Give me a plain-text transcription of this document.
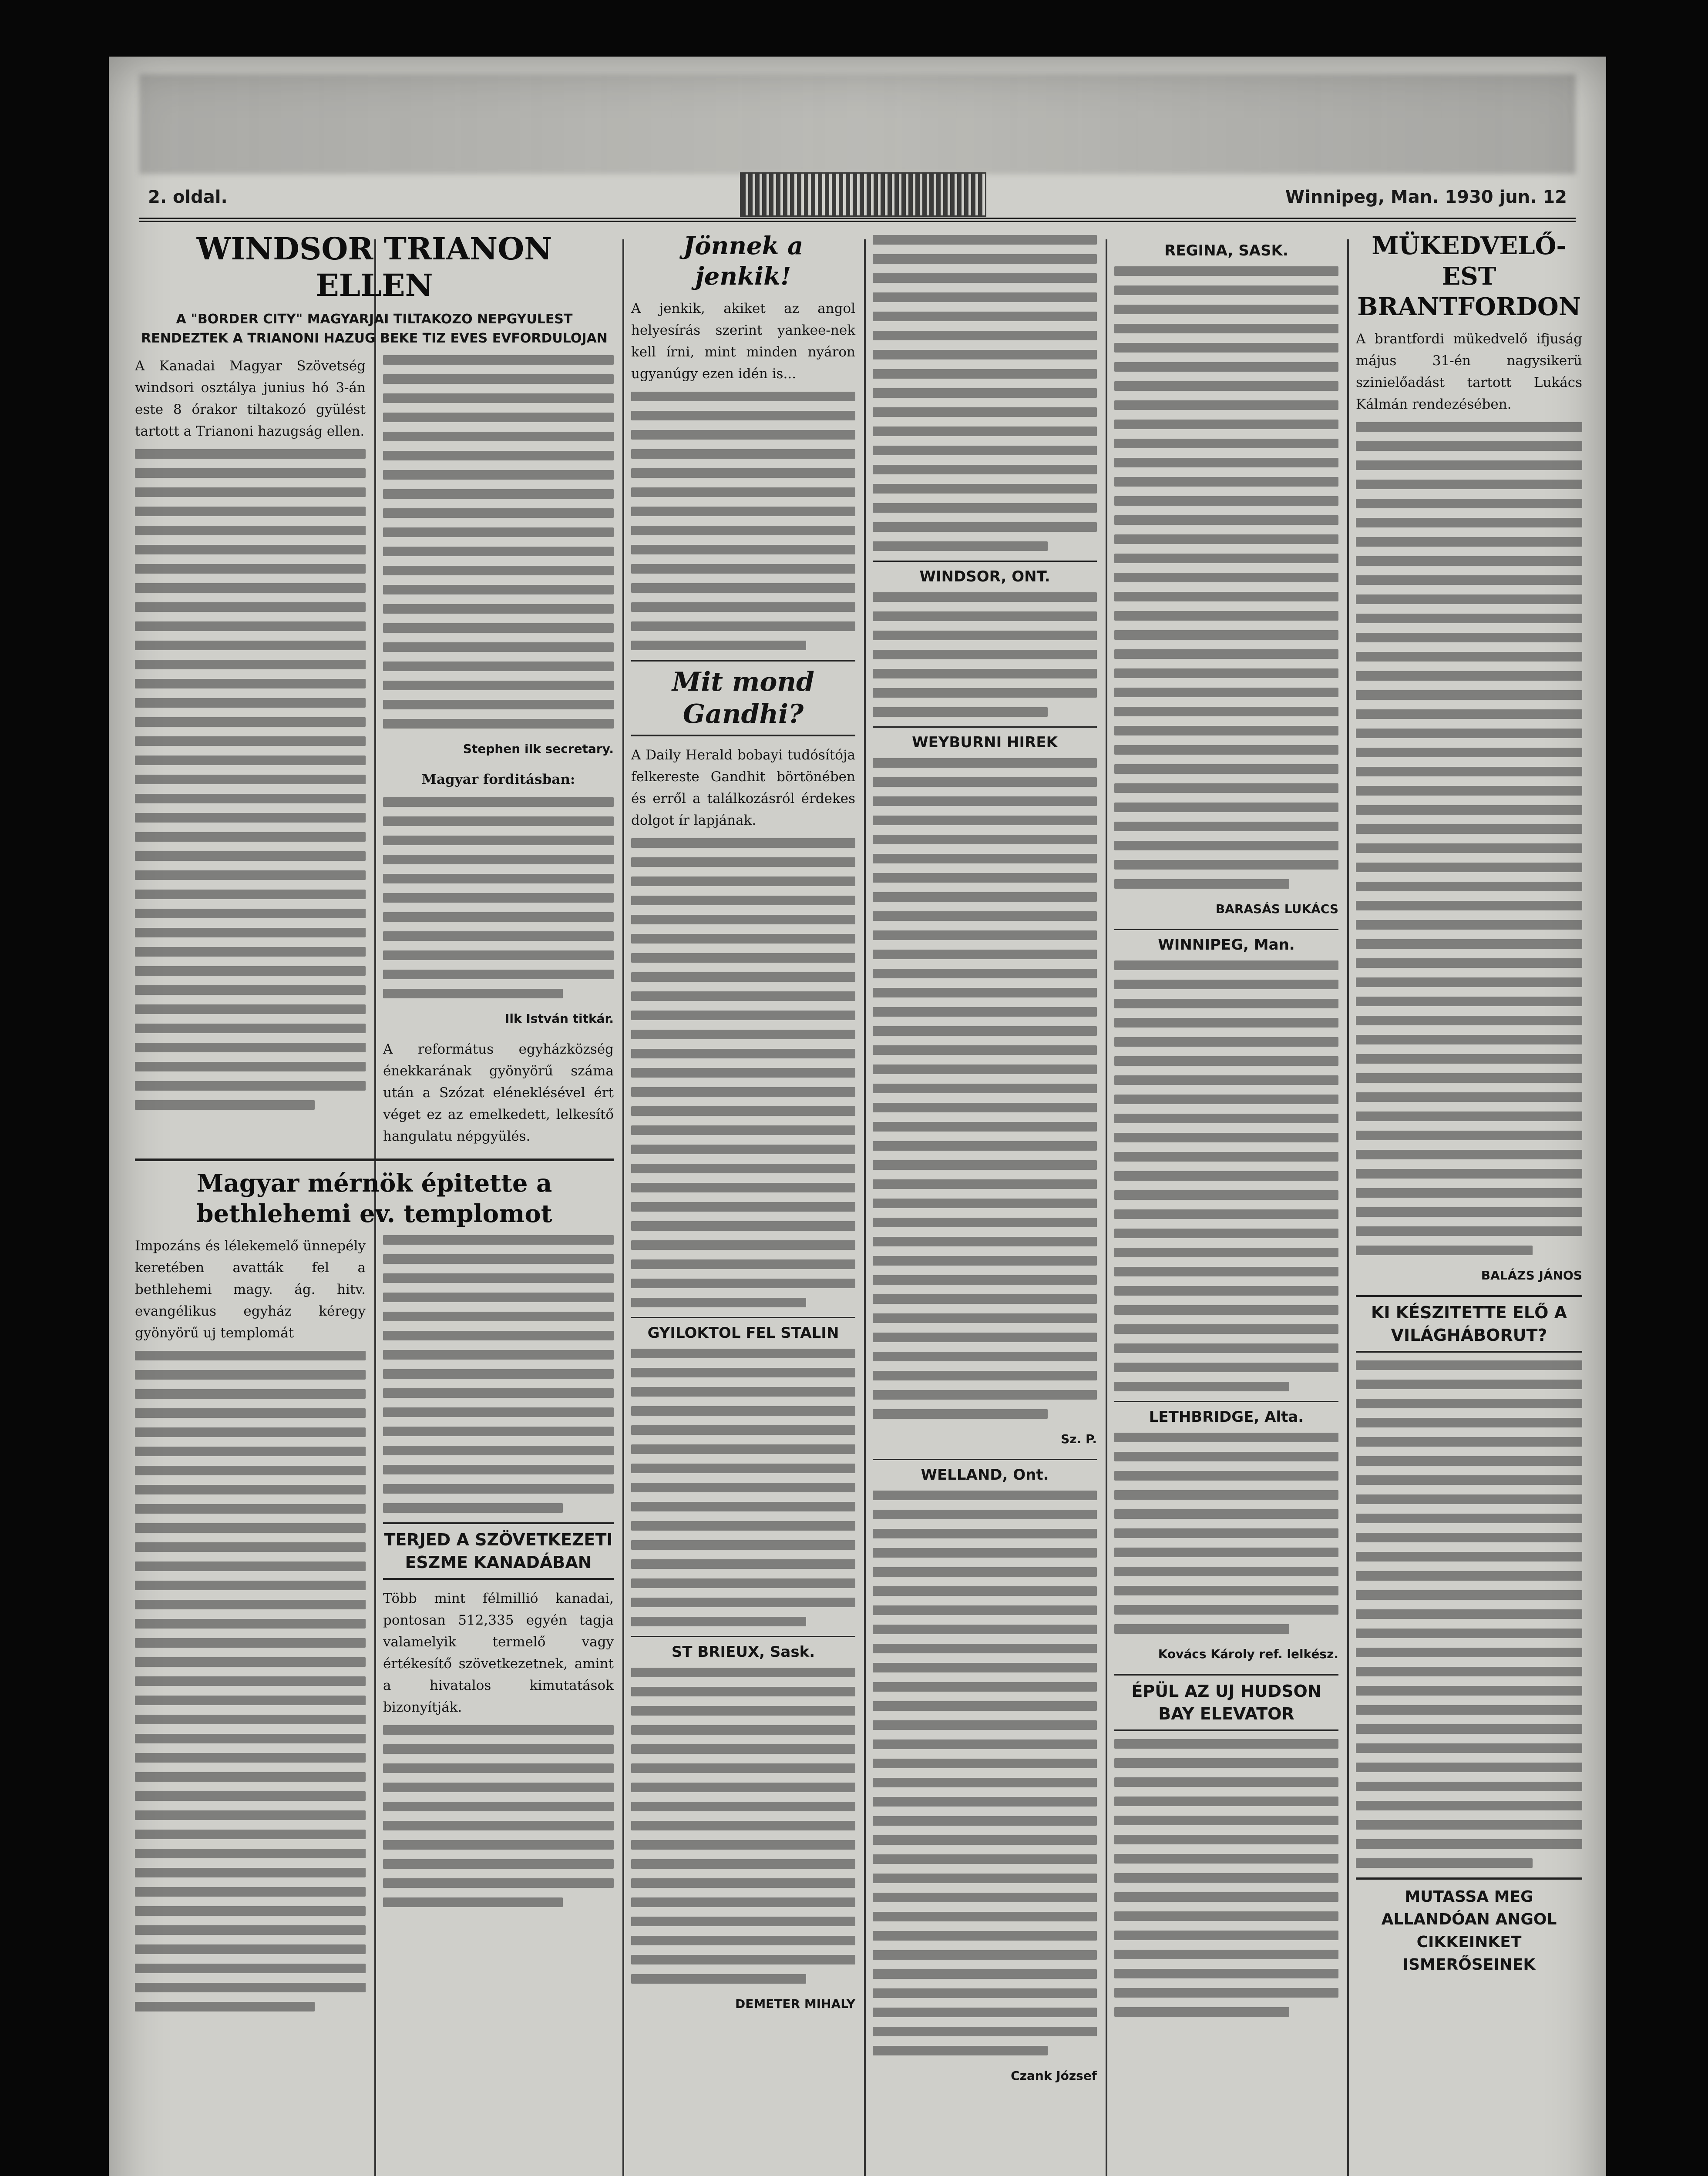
2. oldal.	Winnipeg, Man. 1930 jun. 12
WINDSOR TRIANON ELLEN
A "BORDER CITY" MAGYARJAI TILTAKOZO NEPGYULEST RENDEZTEK A TRIANONI HAZUG BEKE TIZ EVES EVFORDULOJAN
A Kanadai Magyar Szövetség windsori osztálya junius hó 3-án este 8 órakor tiltakozó gyülést tartott a Trianoni hazugság ellen.
Stephen ilk secretary.
Magyar forditásban:
Ilk István titkár.
A református egyházközség énekkarának gyönyörű száma után a Szózat eléneklésével ért véget ez az emelkedett, lelkesítő hangulatu népgyülés.
Magyar mérnök épitette a bethlehemi ev. templomot
Impozáns és lélekemelő ünnepély keretében avatták fel a bethlehemi magy. ág. hitv. evangélikus egyház kéregy gyönyörű uj templomát
TERJED A SZÖVETKEZETI ESZME KANADÁBAN
Több mint félmillió kanadai, pontosan 512,335 egyén tagja valamelyik termelő vagy értékesítő szövetkezetnek, amint a hivatalos kimutatások bizonyítják.
Jönnek a jenkik!
A jenkik, akiket az angol helyesírás szerint yankee-nek kell írni, mint minden nyáron ugyanúgy ezen idén is...
Mit mond Gandhi?
A Daily Herald bobayi tudósítója felkereste Gandhit börtönében és erről a találkozásról érdekes dolgot ír lapjának.
GYILOKTOL FEL STALIN
ST BRIEUX, Sask.
DEMETER MIHALY
WINDSOR, ONT.
WEYBURNI HIREK
Sz. P.
WELLAND, Ont.
Czank József
REGINA, SASK.
BARASÁS LUKÁCS
WINNIPEG, Man.
LETHBRIDGE, Alta.
Kovács Károly ref. lelkész.
ÉPÜL AZ UJ HUDSON BAY ELEVATOR
MÜKEDVELŐ-EST BRANTFORDON
A brantfordi mükedvelő ifjuság május 31-én nagysikerü szinielőadást tartott Lukács Kálmán rendezésében.
BALÁZS JÁNOS
KI KÉSZITETTE ELŐ A VILÁGHÁBORUT?
MUTASSA MEG ALLANDÓAN ANGOL CIKKEINKET ISMERŐSEINEK
